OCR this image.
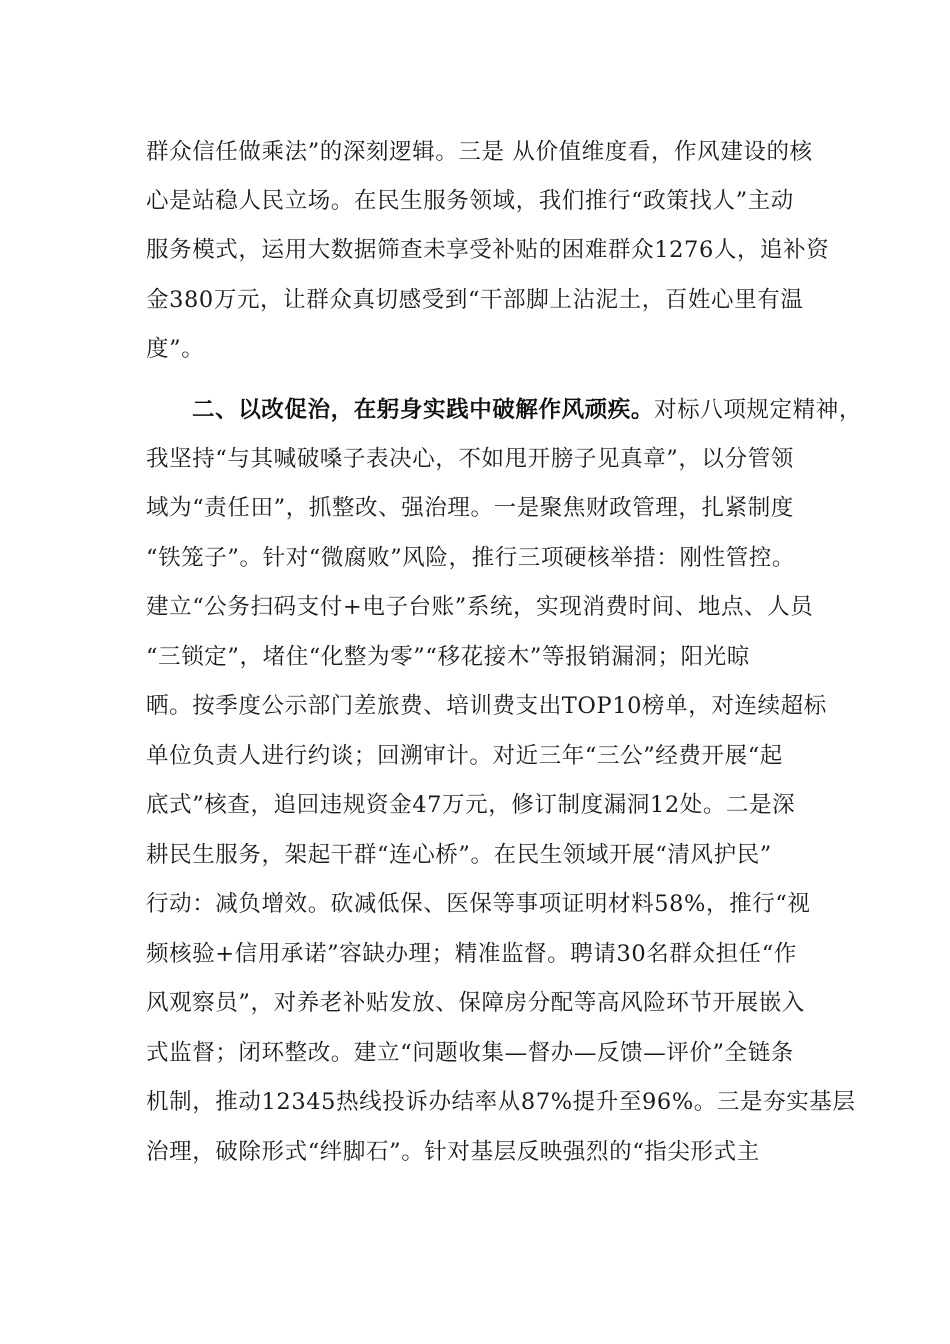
群众信任做乘法”的深刻逻辑。三是 从价值维度看，作风建设的核
心是站稳人民立场。在民生服务领域，我们推行“政策找人”主动
服务模式，运用大数据筛查未享受补贴的困难群众1276人，追补资
金380万元，让群众真切感受到“干部脚上沾泥土，百姓心里有温
度”。
二、以改促治，在躬身实践中破解作风顽疾。对标八项规定精神，
我坚持“与其喊破嗓子表决心，不如甩开膀子见真章”，以分管领
域为“责任田”，抓整改、强治理。一是聚焦财政管理，扎紧制度
“铁笼子”。针对“微腐败”风险，推行三项硬核举措：刚性管控。
建立“公务扫码支付+电子台账”系统，实现消费时间、地点、人员
“三锁定”，堵住“化整为零”“移花接木”等报销漏洞；阳光晾
晒。按季度公示部门差旅费、培训费支出TOP10榜单，对连续超标
单位负责人进行约谈；回溯审计。对近三年“三公”经费开展“起
底式”核查，追回违规资金47万元，修订制度漏洞12处。二是深
耕民生服务，架起干群“连心桥”。在民生领域开展“清风护民”
行动：减负增效。砍减低保、医保等事项证明材料58%，推行“视
频核验+信用承诺”容缺办理；精准监督。聘请30名群众担任“作
风观察员”，对养老补贴发放、保障房分配等高风险环节开展嵌入
式监督；闭环整改。建立“问题收集—督办—反馈—评价”全链条
机制，推动12345热线投诉办结率从87%提升至96%。三是夯实基层
治理，破除形式“绊脚石”。针对基层反映强烈的“指尖形式主
